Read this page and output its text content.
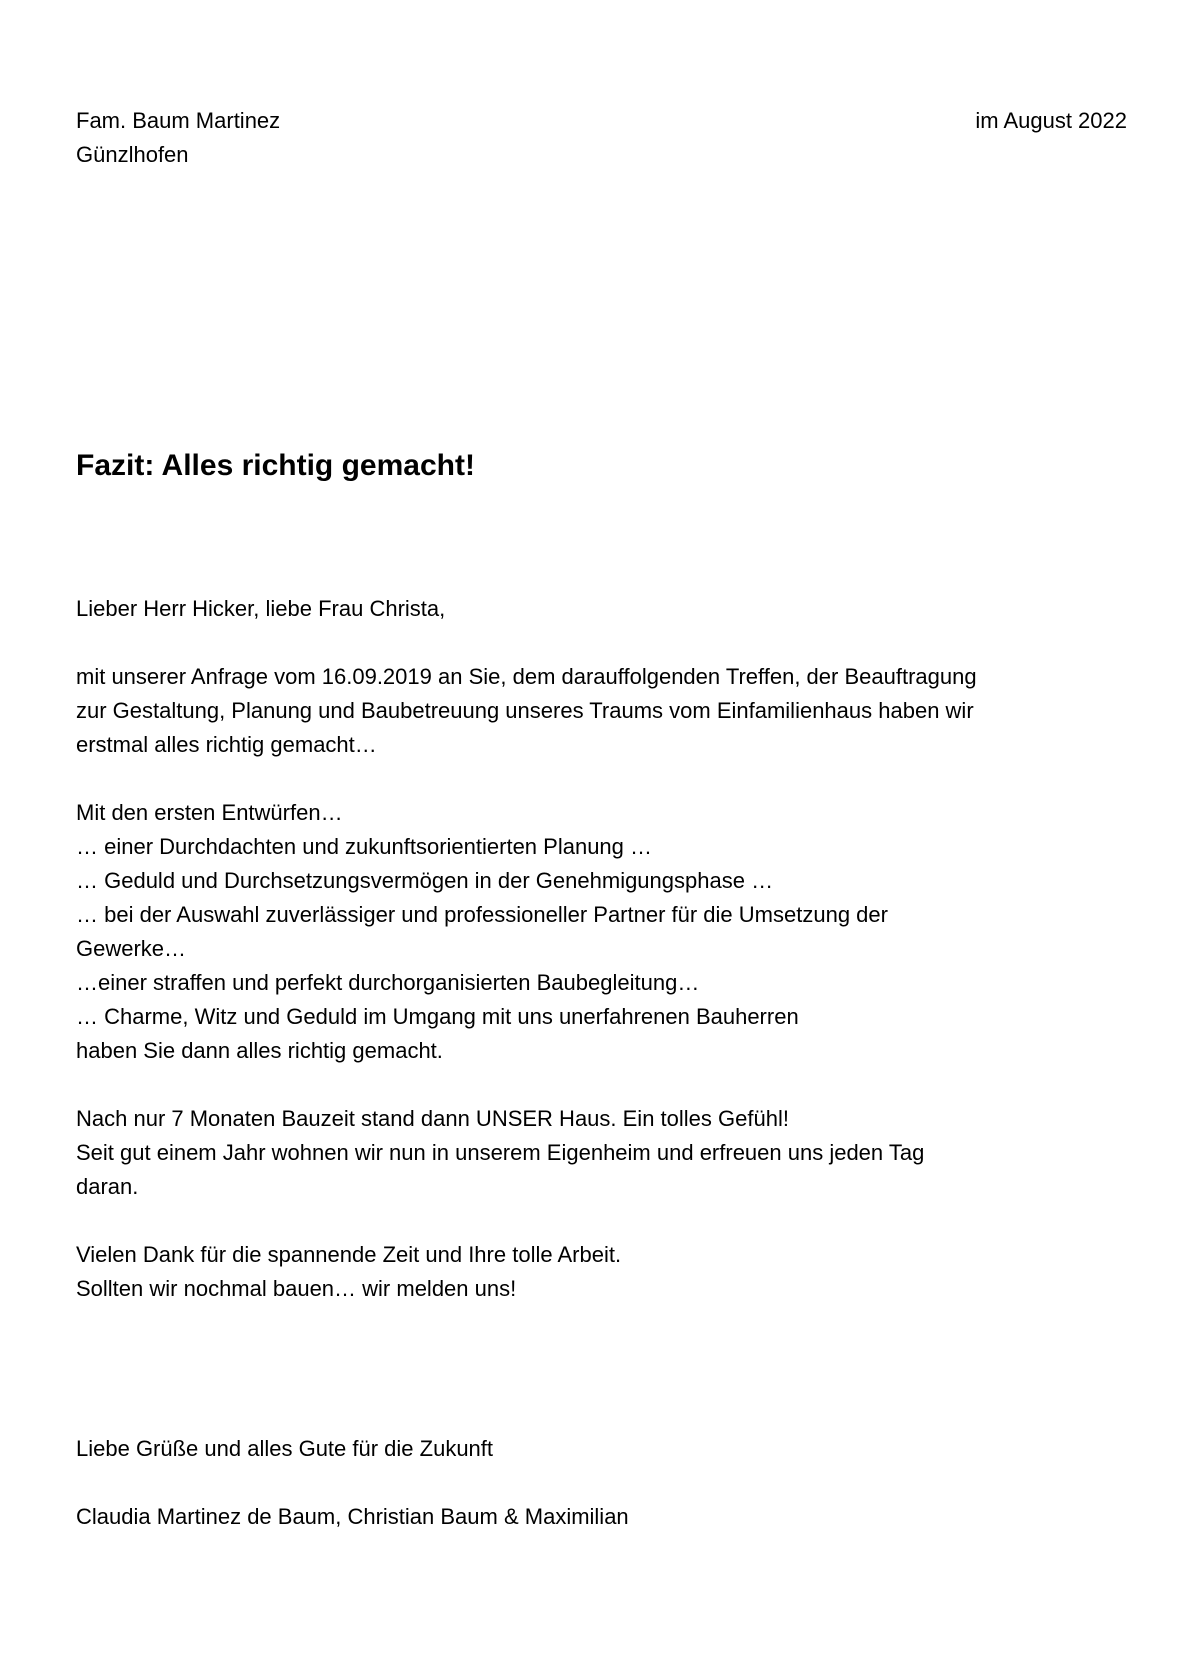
Fam. Baum Martinez
Günzlhofen
im August 2022
Fazit: Alles richtig gemacht!
Lieber Herr Hicker, liebe Frau Christa,
mit unserer Anfrage vom 16.09.2019 an Sie, dem darauffolgenden Treffen, der Beauftragung
zur Gestaltung, Planung und Baubetreuung unseres Traums vom Einfamilienhaus haben wir
erstmal alles richtig gemacht…
Mit den ersten Entwürfen…
… einer Durchdachten und zukunftsorientierten Planung …
… Geduld und Durchsetzungsvermögen in der Genehmigungsphase …
… bei der Auswahl zuverlässiger und professioneller Partner für die Umsetzung der
Gewerke…
…einer straffen und perfekt durchorganisierten Baubegleitung…
… Charme, Witz und Geduld im Umgang mit uns unerfahrenen Bauherren
haben Sie dann alles richtig gemacht.
Nach nur 7 Monaten Bauzeit stand dann UNSER Haus. Ein tolles Gefühl!
Seit gut einem Jahr wohnen wir nun in unserem Eigenheim und erfreuen uns jeden Tag
daran.
Vielen Dank für die spannende Zeit und Ihre tolle Arbeit.
Sollten wir nochmal bauen… wir melden uns!
Liebe Grüße und alles Gute für die Zukunft
Claudia Martinez de Baum, Christian Baum & Maximilian
